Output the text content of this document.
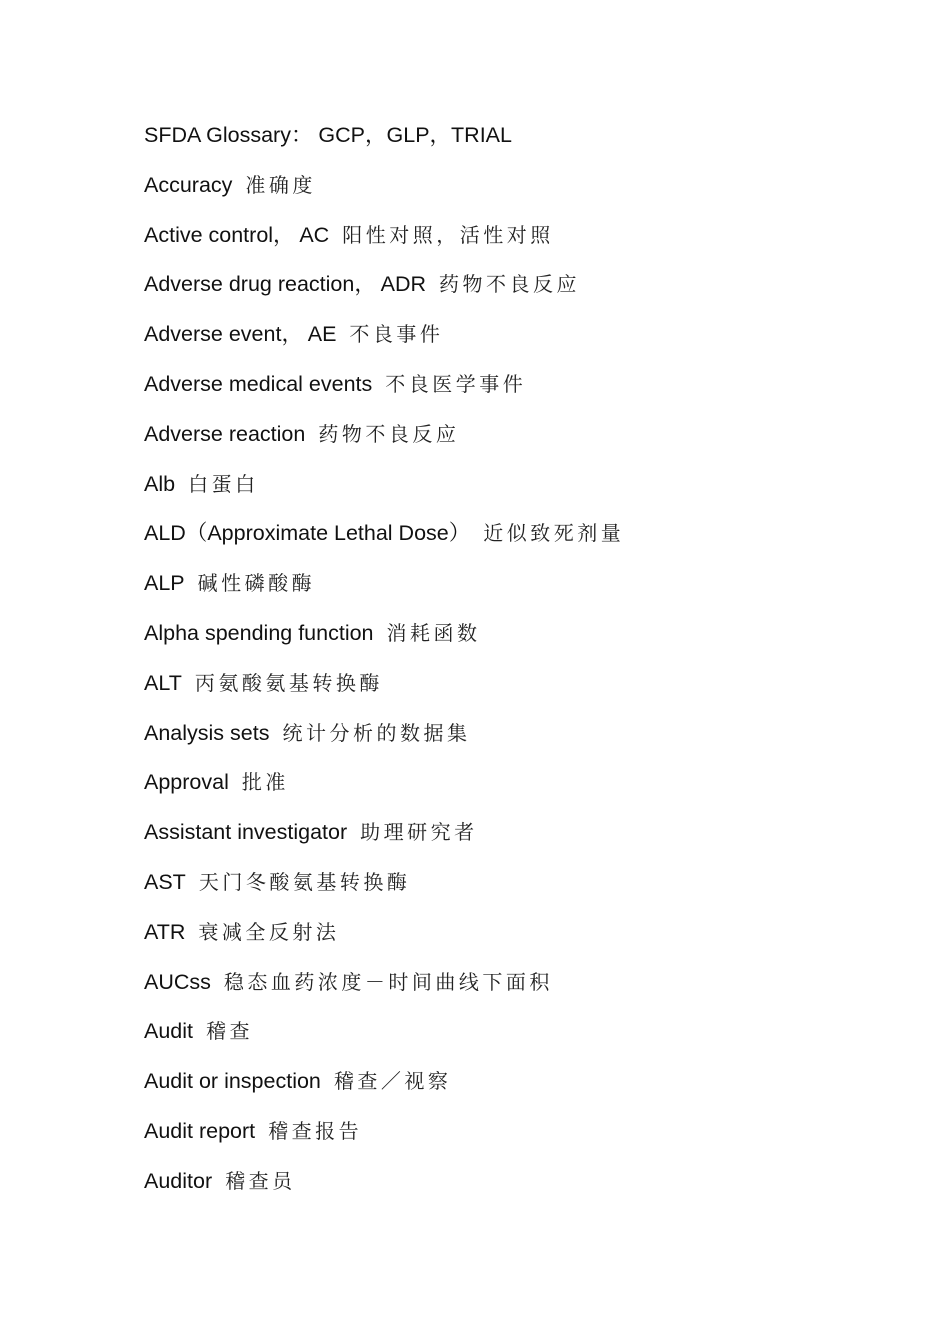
SFDA Glossary： GCP，GLP，TRIAL
Accuracy 准确度
Active control， AC 阳性对照，活性对照
Adverse drug reaction， ADR 药物不良反应
Adverse event， AE 不良事件
Adverse medical events 不良医学事件
Adverse reaction 药物不良反应
Alb 白蛋白
ALD（Approximate Lethal Dose） 近似致死剂量
ALP 碱性磷酸酶
Alpha spending function 消耗函数
ALT 丙氨酸氨基转换酶
Analysis sets 统计分析的数据集
Approval 批准
Assistant investigator 助理研究者
AST 天门冬酸氨基转换酶
ATR 衰减全反射法
AUCss 稳态血药浓度－时间曲线下面积
Audit 稽查
Audit or inspection 稽查／视察
Audit report 稽查报告
Auditor 稽查员
